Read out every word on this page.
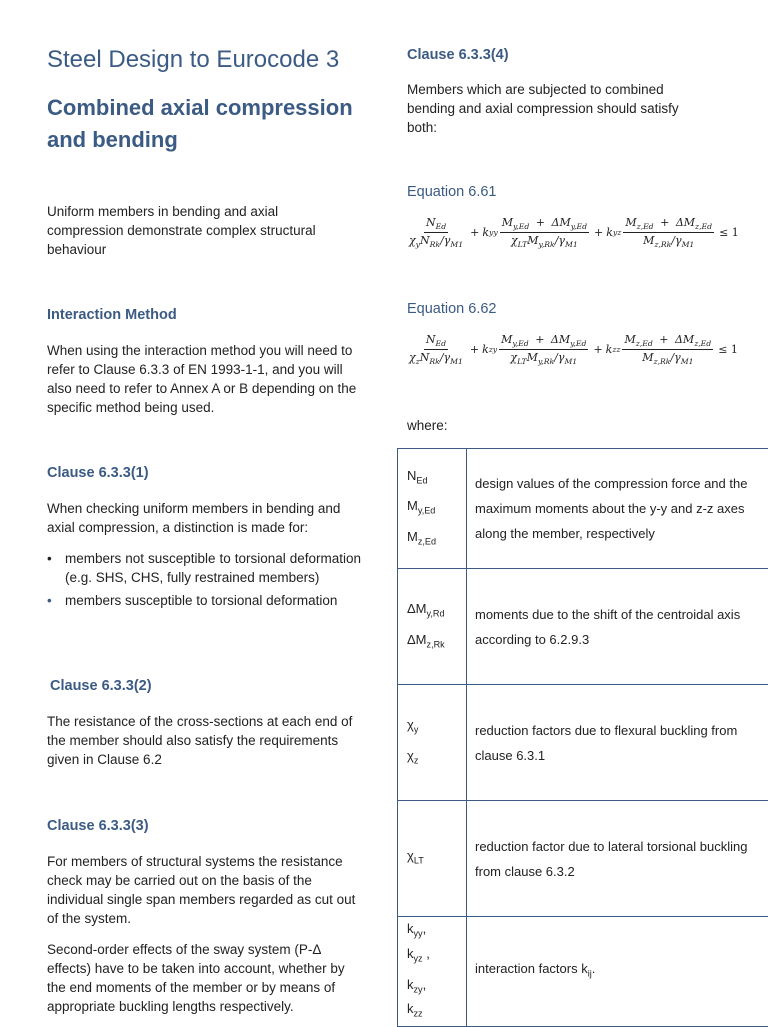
Steel Design to Eurocode 3
Combined axial compression and bending
Uniform members in bending and axial compression demonstrate complex structural behaviour
Interaction Method
When using the interaction method you will need to refer to Clause 6.3.3 of EN 1993-1-1, and you will also need to refer to Annex A or B depending on the specific method being used.
Clause 6.3.3(1)
When checking uniform members in bending and axial compression, a distinction is made for:
• members not susceptible to torsional deformation (e.g. SHS, CHS, fully restrained members)
• members susceptible to torsional deformation
Clause 6.3.3(2)
The resistance of the cross-sections at each end of the member should also satisfy the requirements given in Clause 6.2
Clause 6.3.3(3)
For members of structural systems the resistance check may be carried out on the basis of the individual single span members regarded as cut out of the system.
Second-order effects of the sway system (P-Δ effects) have to be taken into account, whether by the end moments of the member or by means of appropriate buckling lengths respectively.
Clause 6.3.3(4)
Members which are subjected to combined bending and axial compression should satisfy both:
Equation 6.61
$\frac{N_{Ed}}{\chi_yN_{Rk}/\gamma_{M1}} + k$ yy $\frac{M_{y,Ed} + \Delta M_{y,Ed}}{\chi_{LT}M_{y,Rk}/\gamma_{M1}} + k$ yz $\frac{M_{z,Ed} + \Delta M_{z,Ed}}{M_{z,Rk}/\gamma_{M1}} \le 1$
Equation 6.62
$\frac{N_{Ed}}{\chi_zN_{Rk}/\gamma_{M1}} + k$ zy $\frac{M_{y,Ed} + \Delta M_{y,Ed}}{\chi_{LT}M_{y,Rk}/\gamma_{M1}} + k$ zz $\frac{M_{z,Ed} + \Delta M_{z,Ed}}{M_{z,Rk}/\gamma_{M1}} \le 1$
where:
$N_{Ed}$
$M_{y,Ed}$
$M_{z,Ed}$	design values of the compression force and the maximum moments about the y-y and z-z axes along the member, respectively

$\Delta M_{y,Rd}$
$\Delta M_{z,Rk}$	moments due to the shift of the centroidal axis according to 6.2.9.3

$\chi_y$
$\chi_z$	reduction factors due to flexural buckling from clause 6.3.1

$\chi_{LT}$	reduction factor due to lateral torsional buckling from clause 6.3.2

$k_{yy}$,
$k_{yz}$ ,
$k_{zy}$,
$k_{zz}$	interaction factors $k_{ij}$.
